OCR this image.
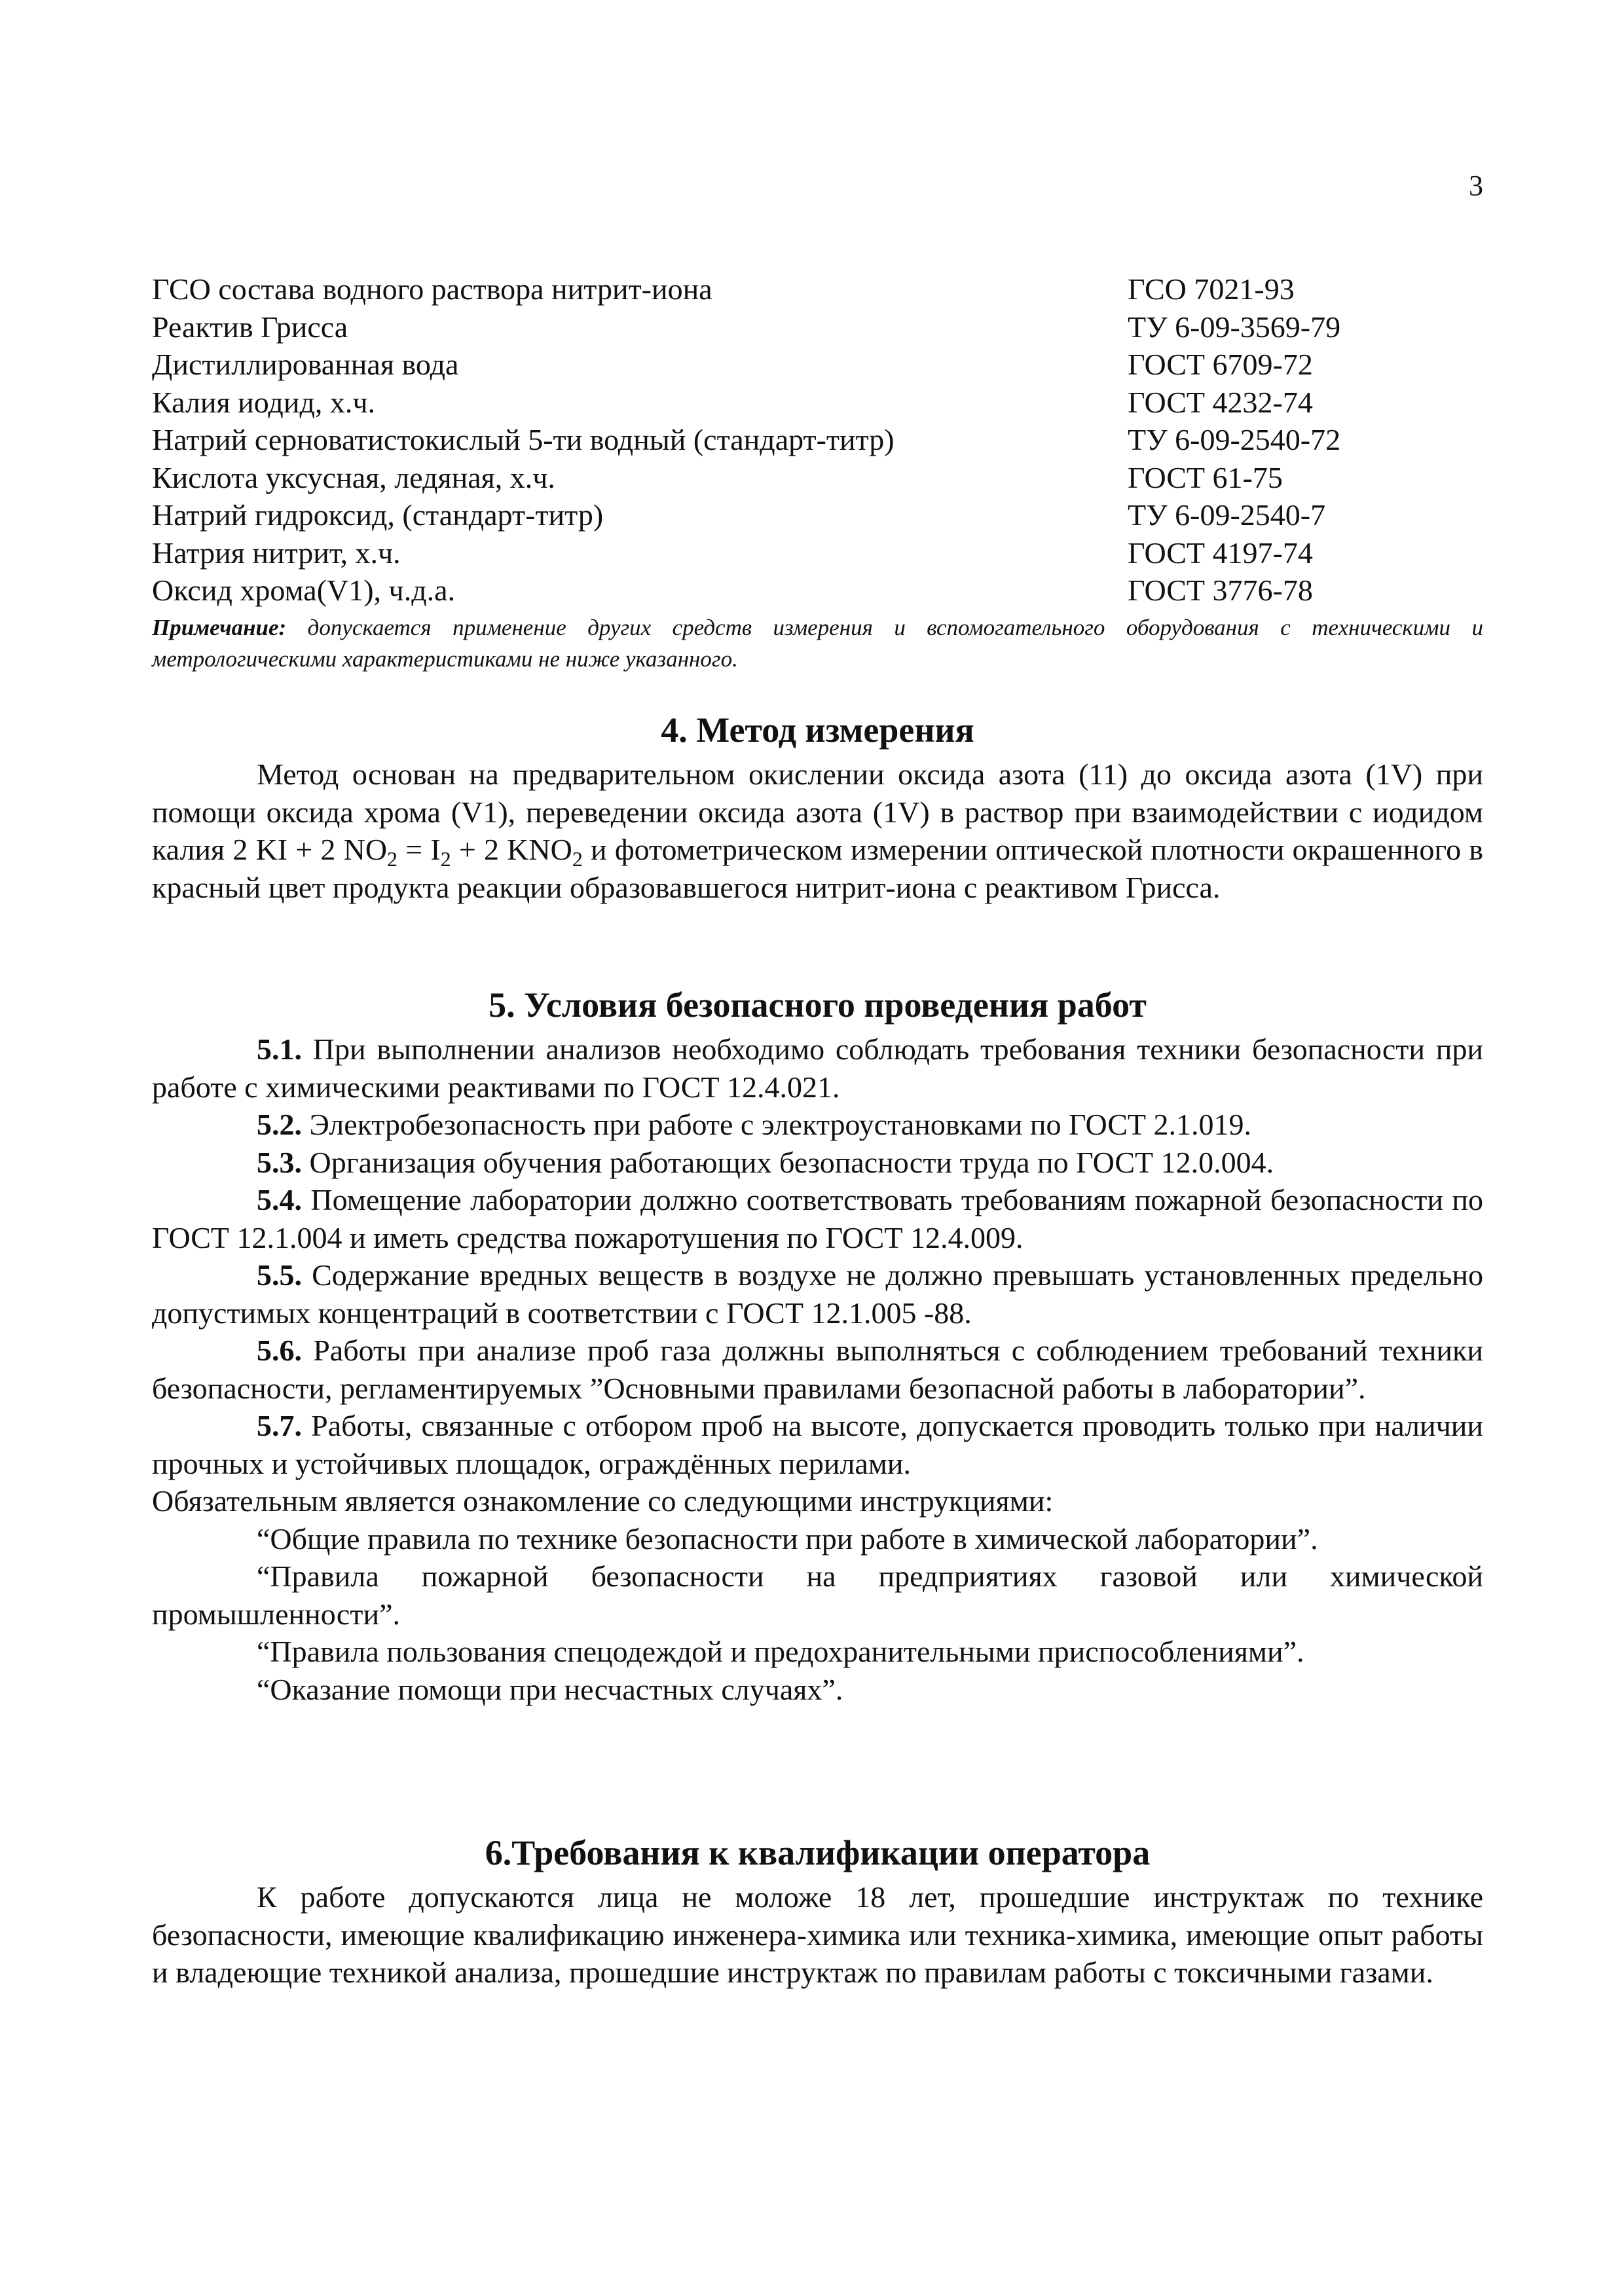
3
ГСО состава водного раствора нитрит-иона	ГСО 7021-93
Реактив Грисса	ТУ 6-09-3569-79
Дистиллированная вода	ГОСТ 6709-72
Калия иодид, х.ч.	ГОСТ 4232-74
Натрий серноватистокислый 5-ти водный (стандарт-титр)	ТУ 6-09-2540-72
Кислота уксусная, ледяная, х.ч.	ГОСТ 61-75
Натрий гидроксид, (стандарт-титр)	ТУ 6-09-2540-7
Натрия нитрит, х.ч.	ГОСТ 4197-74
Оксид хрома(V1), ч.д.а.	ГОСТ 3776-78

Примечание: допускается применение других средств измерения и вспомогательного оборудования с техническими и метрологическими характеристиками не ниже указанного.

4. Метод измерения

Метод основан на предварительном окислении оксида азота (11) до оксида азота (1V) при помощи оксида хрома (V1), переведении оксида азота (1V) в раствор при взаимодействии с иодидом калия 2 KI + 2 $NO_2 = I_2 + 2$ $KNO_2$ и фотометрическом измерении оптической плотности окрашенного в красный цвет продукта реакции образовавшегося нитрит-иона с реактивом Грисса.

5. Условия безопасного проведения работ

5.1. При выполнении анализов необходимо соблюдать требования техники безопасности при работе с химическими реактивами по ГОСТ 12.4.021.

5.2. Электробезопасность при работе с электроустановками по ГОСТ 2.1.019.

5.3. Организация обучения работающих безопасности труда по ГОСТ 12.0.004.

5.4. Помещение лаборатории должно соответствовать требованиям пожарной безопасности по ГОСТ 12.1.004 и иметь средства пожаротушения по ГОСТ 12.4.009.

5.5. Содержание вредных веществ в воздухе не должно превышать установленных предельно допустимых концентраций в соответствии с ГОСТ 12.1.005 -88.

5.6. Работы при анализе проб газа должны выполняться с соблюдением требований техники безопасности, регламентируемых ”Основными правилами безопасной работы в лаборатории”.

5.7. Работы, связанные с отбором проб на высоте, допускается проводить только при наличии прочных и устойчивых площадок, ограждённых перилами.

Обязательным является ознакомление со следующими инструкциями:

“Общие правила по технике безопасности при работе в химической лаборатории”.

“Правила пожарной безопасности на предприятиях газовой или химической промышленности”.

“Правила пользования спецодеждой и предохранительными приспособлениями”.

“Оказание помощи при несчастных случаях”.

6.Требования к квалификации оператора

К работе допускаются лица не моложе 18 лет, прошедшие инструктаж по технике безопасности, имеющие квалификацию инженера-химика или техника-химика, имеющие опыт работы и владеющие техникой анализа, прошедшие инструктаж по правилам работы с токсичными газами.
